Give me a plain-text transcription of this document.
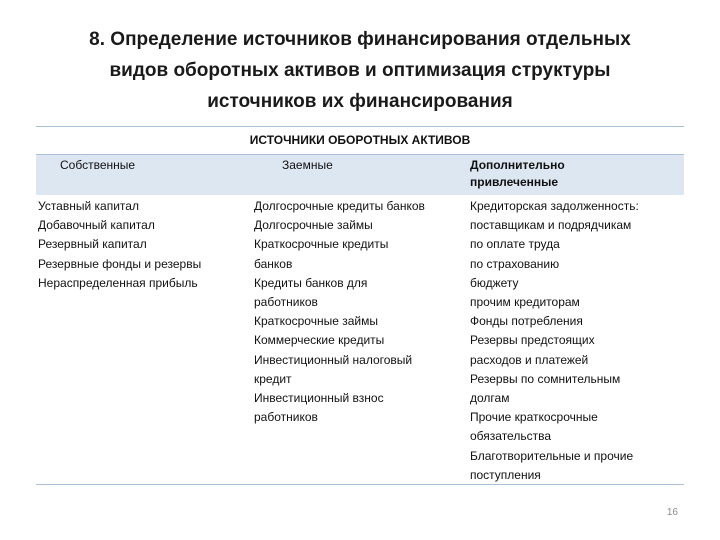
8. Определение источников финансирования отдельных
видов оборотных активов и оптимизация структуры
источников их финансирования
ИСТОЧНИКИ ОБОРОТНЫХ АКТИВОВ
Собственные	Заемные	Дополнительно
привлеченные
Уставный капитал
Добавочный капитал
Резервный капитал
Резервные фонды и резервы
Нераспределенная прибыль
Долгосрочные кредиты банков
Долгосрочные займы
Краткосрочные кредиты
банков
Кредиты банков для
работников
Краткосрочные займы
Коммерческие кредиты
Инвестиционный налоговый
кредит
Инвестиционный взнос
работников
Кредиторская задолженность:
поставщикам и подрядчикам
по оплате труда
по страхованию
бюджету
прочим кредиторам
Фонды потребления
Резервы предстоящих
расходов и платежей
Резервы по сомнительным
долгам
Прочие краткосрочные
обязательства
Благотворительные и прочие
поступления
16
